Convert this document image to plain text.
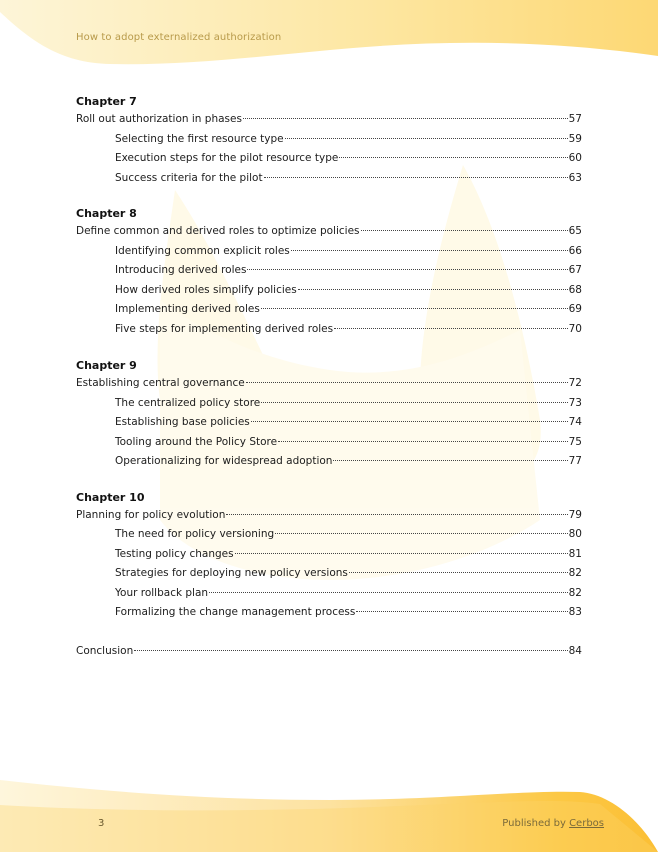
How to adopt externalized authorization
Chapter 7
Roll out authorization in phases	57
Selecting the first resource type	59
Execution steps for the pilot resource type	60
Success criteria for the pilot	63
Chapter 8
Define common and derived roles to optimize policies	65
Identifying common explicit roles	66
Introducing derived roles	67
How derived roles simplify policies	68
Implementing derived roles	69
Five steps for implementing derived roles	70
Chapter 9
Establishing central governance	72
The centralized policy store	73
Establishing base policies	74
Tooling around the Policy Store	75
Operationalizing for widespread adoption	77
Chapter 10
Planning for policy evolution	79
The need for policy versioning	80
Testing policy changes	81
Strategies for deploying new policy versions	82
Your rollback plan	82
Formalizing the change management process	83
Conclusion	84
3	Published by Cerbos
